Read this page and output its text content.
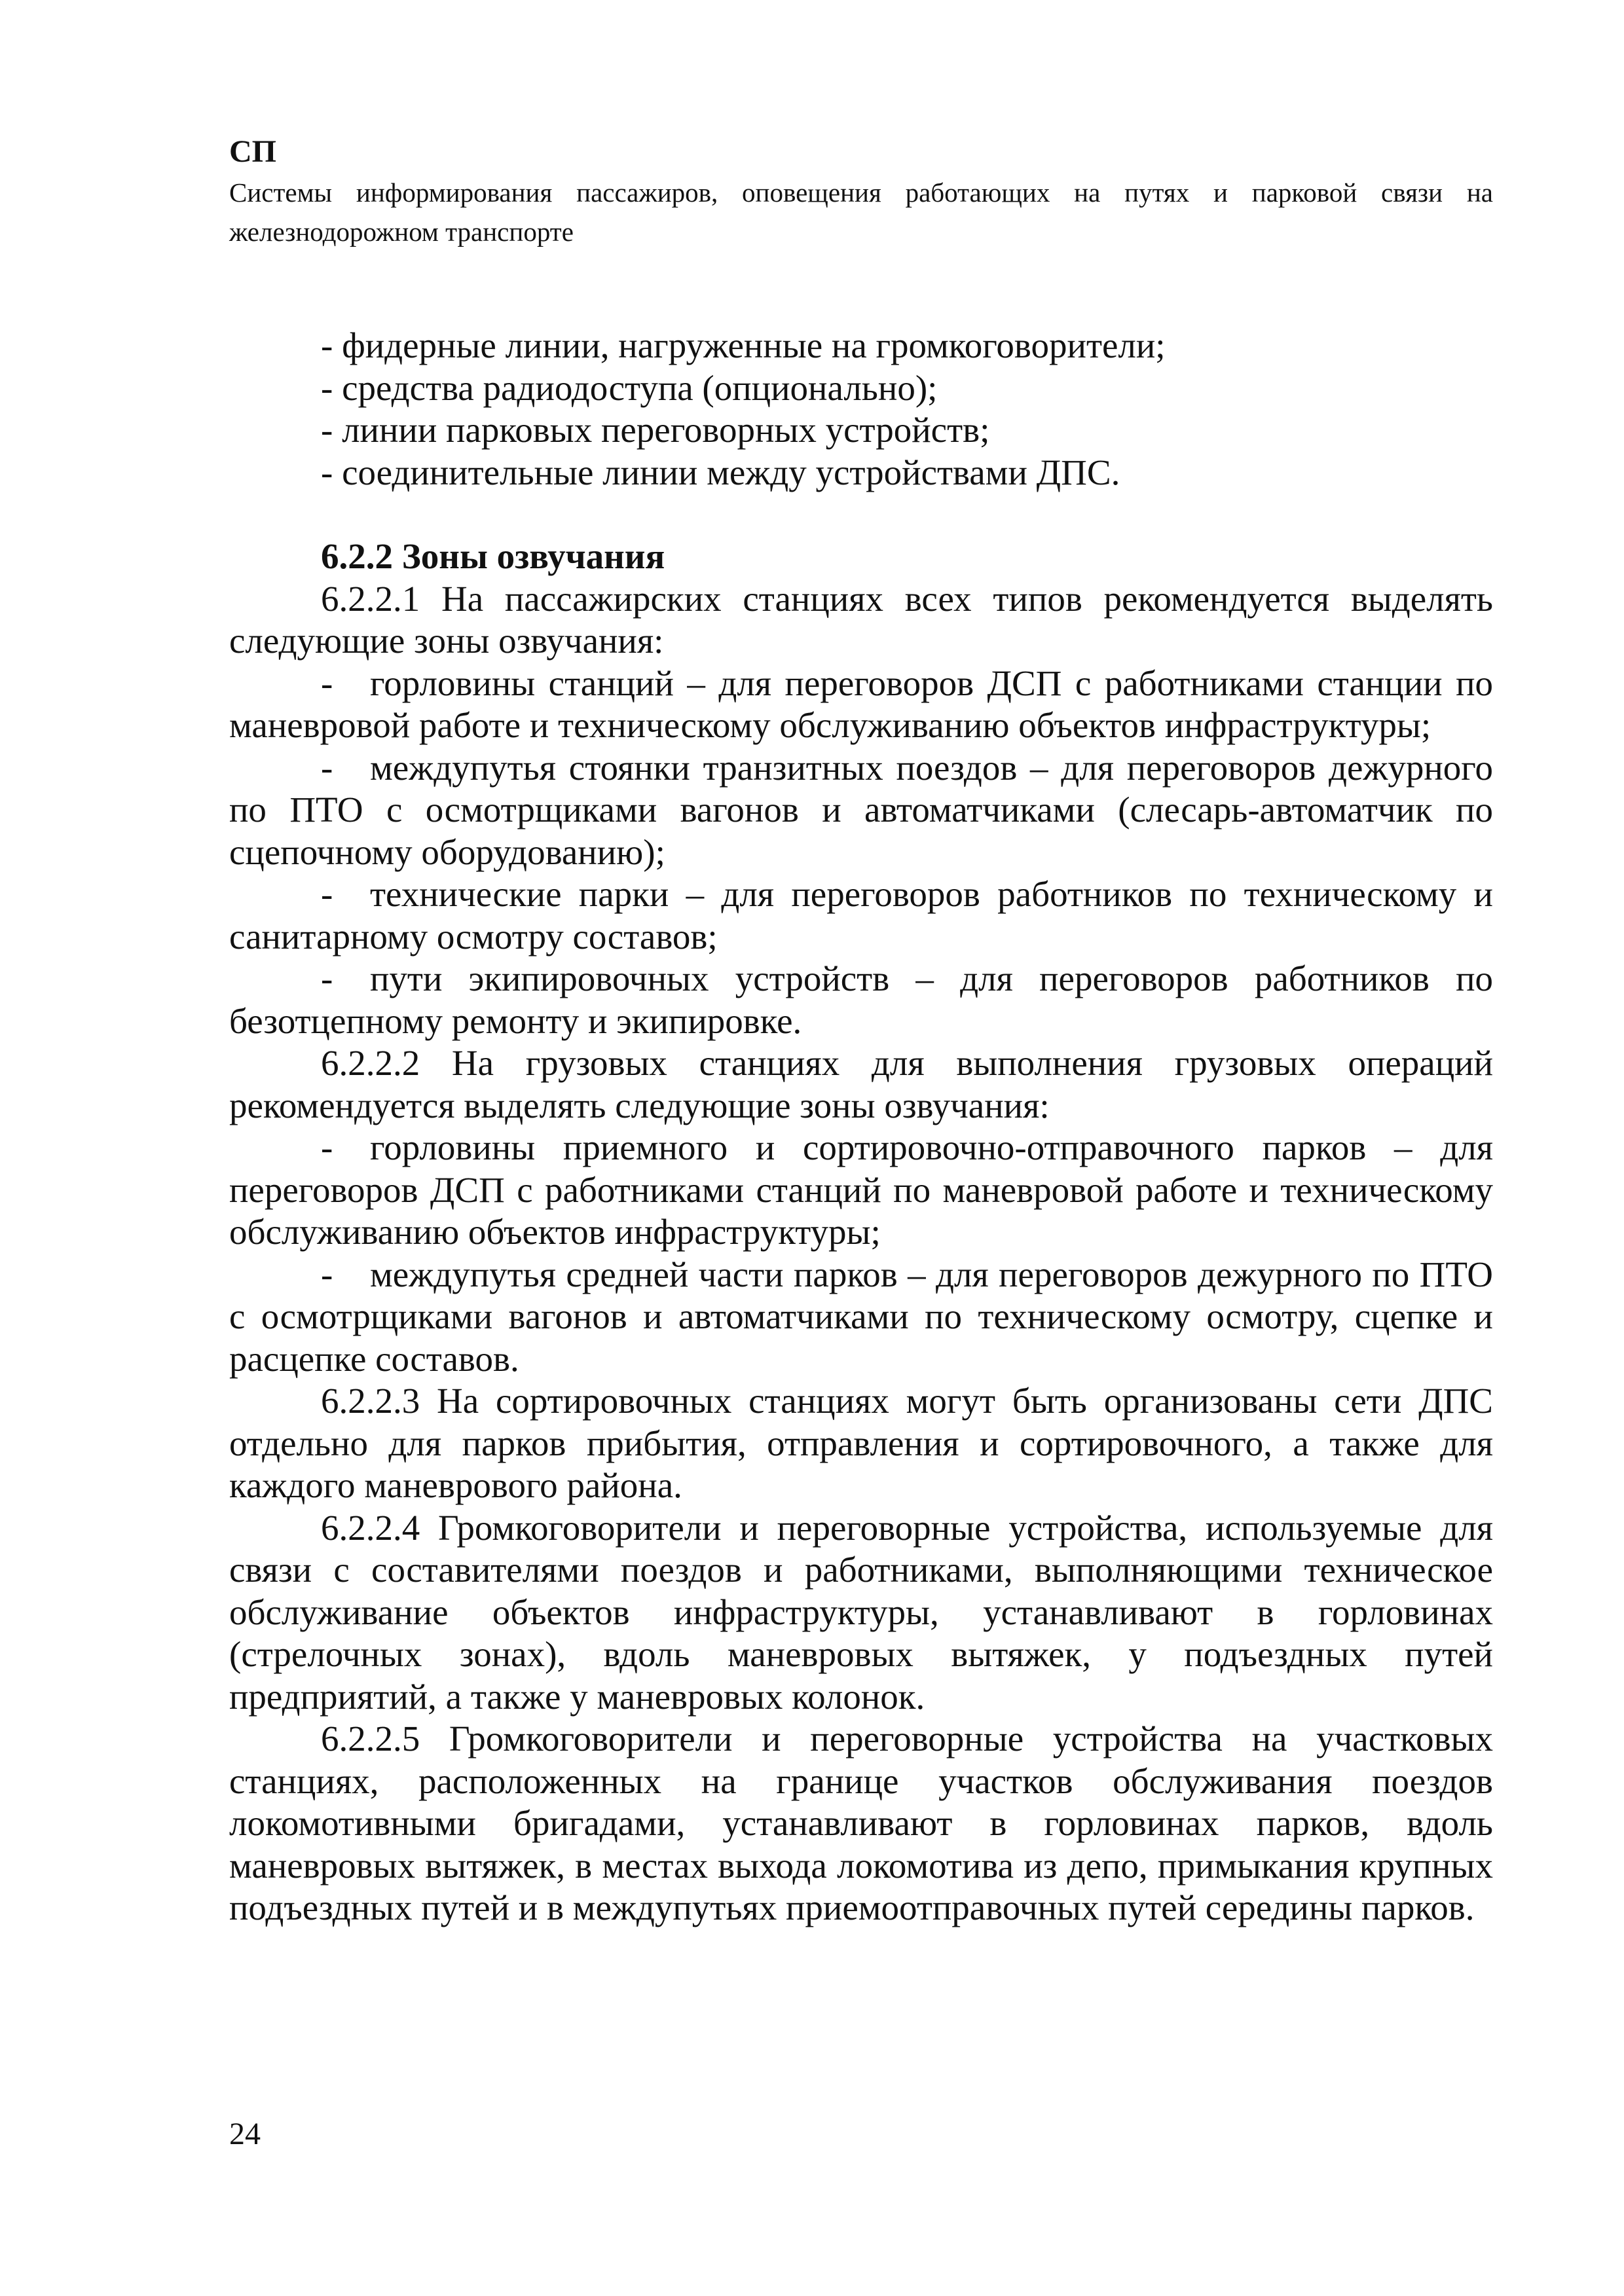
СП

Системы информирования пассажиров, оповещения работающих на путях и парковой связи на железнодорожном транспорте

- фидерные линии, нагруженные на громкоговорители;

- средства радиодоступа (опционально);

- линии парковых переговорных устройств;

- соединительные линии между устройствами ДПС.

6.2.2 Зоны озвучания

6.2.2.1 На пассажирских станциях всех типов рекомендуется выделять следующие зоны озвучания:

- горловины станций – для переговоров ДСП с работниками станции по маневровой работе и техническому обслуживанию объектов инфраструктуры;

- междупутья стоянки транзитных поездов – для переговоров дежурного по ПТО с осмотрщиками вагонов и автоматчиками (слесарь-автоматчик по сцепочному оборудованию);

- технические парки – для переговоров работников по техническому и санитарному осмотру составов;

- пути экипировочных устройств – для переговоров работников по безотцепному ремонту и экипировке.

6.2.2.2 На грузовых станциях для выполнения грузовых операций рекомендуется выделять следующие зоны озвучания:

- горловины приемного и сортировочно-отправочного парков – для переговоров ДСП с работниками станций по маневровой работе и техническому обслуживанию объектов инфраструктуры;

- междупутья средней части парков – для переговоров дежурного по ПТО с осмотрщиками вагонов и автоматчиками по техническому осмотру, сцепке и расцепке составов.

6.2.2.3 На сортировочных станциях могут быть организованы сети ДПС отдельно для парков прибытия, отправления и сортировочного, а также для каждого маневрового района.

6.2.2.4 Громкоговорители и переговорные устройства, используемые для связи с составителями поездов и работниками, выполняющими техническое обслуживание объектов инфраструктуры, устанавливают в горловинах (стрелочных зонах), вдоль маневровых вытяжек, у подъездных путей предприятий, а также у маневровых колонок.

6.2.2.5 Громкоговорители и переговорные устройства на участковых станциях, расположенных на границе участков обслуживания поездов локомотивными бригадами, устанавливают в горловинах парков, вдоль маневровых вытяжек, в местах выхода локомотива из депо, примыкания крупных подъездных путей и в междупутьях приемоотправочных путей середины парков.

24
